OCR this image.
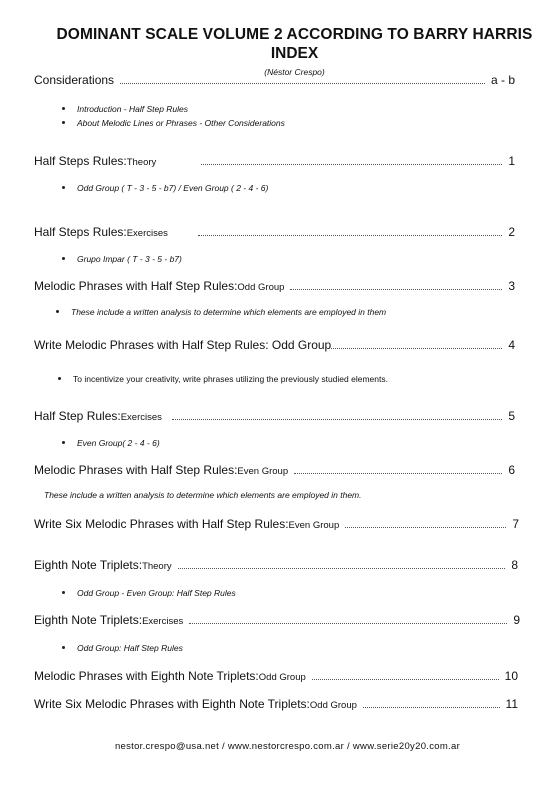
DOMINANT SCALE VOLUME 2 ACCORDING TO BARRY HARRIS
INDEX
(Néstor Crespo)
Considerations	a - b
Introduction - Half Step Rules
About Melodic Lines or Phrases - Other Considerations
Half Steps Rules: Theory	1
Odd Group ( T - 3 - 5 - b7) / Even Group ( 2 - 4 - 6)
Half Steps Rules: Exercises	2
Grupo Impar ( T - 3 - 5 - b7)
Melodic Phrases with Half Step Rules: Odd Group	3
These include a written analysis to determine which elements are employed in them
Write Melodic Phrases with Half Step Rules: Odd Group	4
To incentivize your creativity, write phrases utilizing the previously studied elements.
Half Step Rules: Exercises	5
Even Group( 2 - 4 - 6)
Melodic Phrases with Half Step Rules: Even Group	6
These include a written analysis to determine which elements are employed in them.
Write Six Melodic Phrases with Half Step Rules: Even Group	7
Eighth Note Triplets: Theory	8
Odd Group - Even Group: Half Step Rules
Eighth Note Triplets: Exercises	9
Odd Group: Half Step Rules
Melodic Phrases with Eighth Note Triplets: Odd Group	10
Write Six Melodic Phrases with Eighth Note Triplets: Odd Group	11
nestor.crespo@usa.net / www.nestorcrespo.com.ar / www.serie20y20.com.ar
